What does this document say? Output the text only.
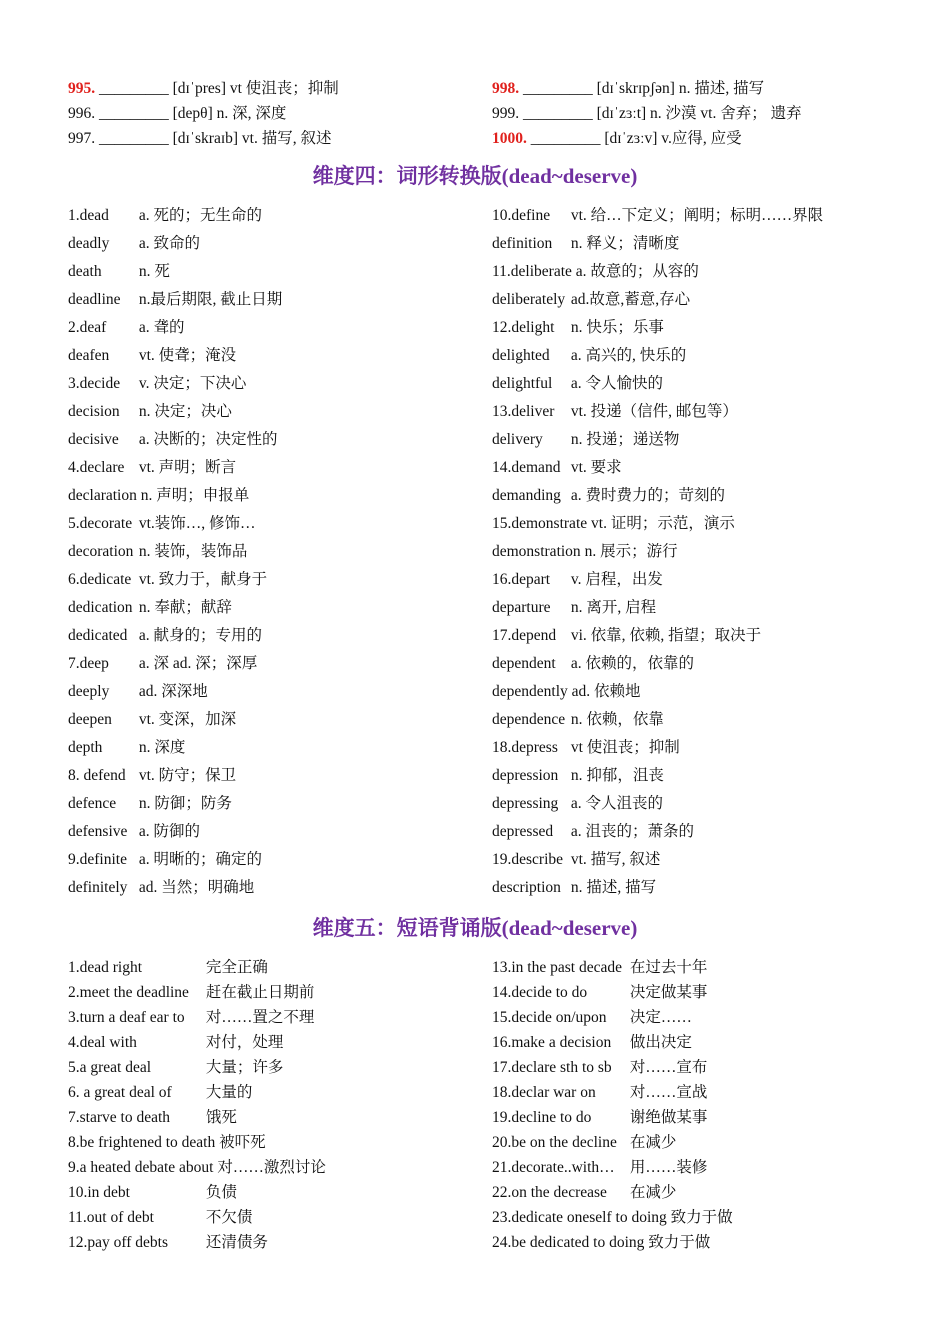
995. _________ [dɪˈpres] vt 使沮丧；抑制
996. _________ [depθ] n. 深, 深度
997. _________ [dɪˈskraɪb] vt. 描写, 叙述
998. _________ [dɪˈskrɪpʃən] n. 描述, 描写
999. _________ [dɪˈzɜːt] n. 沙漠 vt. 舍弃； 遗弃
1000. _________ [dɪˈzɜːv] v.应得, 应受
维度四：词形转换版(dead~deserve)
1.dead a. 死的；无生命的
deadly a. 致命的
death n. 死
deadline n.最后期限, 截止日期
2.deaf a. 聋的
deafen vt. 使聋；淹没
3.decide v. 决定；下决心
decision n. 决定；决心
decisive a. 决断的；决定性的
4.declare vt. 声明；断言
declaration n. 声明；申报单
5.decorate vt.装饰…, 修饰…
decoration n. 装饰，装饰品
6.dedicate vt. 致力于，献身于
dedication n. 奉献；献辞
dedicated a. 献身的；专用的
7.deep a. 深 ad. 深；深厚
deeply ad. 深深地
deepen vt. 变深，加深
depth n. 深度
8. defend vt. 防守；保卫
defence n. 防御；防务
defensive a. 防御的
9.definite a. 明晰的；确定的
definitely ad. 当然；明确地
10.define vt. 给…下定义；阐明；标明……界限
definition n. 释义；清晰度
11.deliberate a. 故意的；从容的
deliberately ad.故意,蓄意,存心
12.delight n. 快乐；乐事
delighted a. 高兴的, 快乐的
delightful a. 令人愉快的
13.deliver vt. 投递（信件, 邮包等）
delivery n. 投递；递送物
14.demand vt. 要求
demanding a. 费时费力的；苛刻的
15.demonstrate vt. 证明；示范，演示
demonstration n. 展示；游行
16.depart v. 启程，出发
departure n. 离开, 启程
17.depend vi. 依靠, 依赖, 指望；取决于
dependent a. 依赖的，依靠的
dependently ad. 依赖地
dependence n. 依赖，依靠
18.depress vt 使沮丧；抑制
depression n. 抑郁，沮丧
depressing a. 令人沮丧的
depressed a. 沮丧的；萧条的
19.describe vt. 描写, 叙述
description n. 描述, 描写
维度五：短语背诵版(dead~deserve)
1.dead right	完全正确
2.meet the deadline 赶在截止日期前
3.turn a deaf ear to 对……置之不理
4.deal with	对付，处理
5.a great deal	大量；许多
6. a great deal of 大量的
7.starve to death 饿死
8.be frightened to death 被吓死
9.a heated debate about 对……激烈讨论
10.in debt	负债
11.out of debt	不欠债
12.pay off debts 还清债务
13.in the past decade 在过去十年
14.decide to do	决定做某事
15.decide on/upon 决定……
16.make a decision 做出决定
17.declare sth to sb 对……宣布
18.declar war on 对……宣战
19.decline to do 谢绝做某事
20.be on the decline 在减少
21.decorate..with… 用……装修
22.on the decrease 在减少
23.dedicate oneself to doing 致力于做
24.be dedicated to doing 致力于做
